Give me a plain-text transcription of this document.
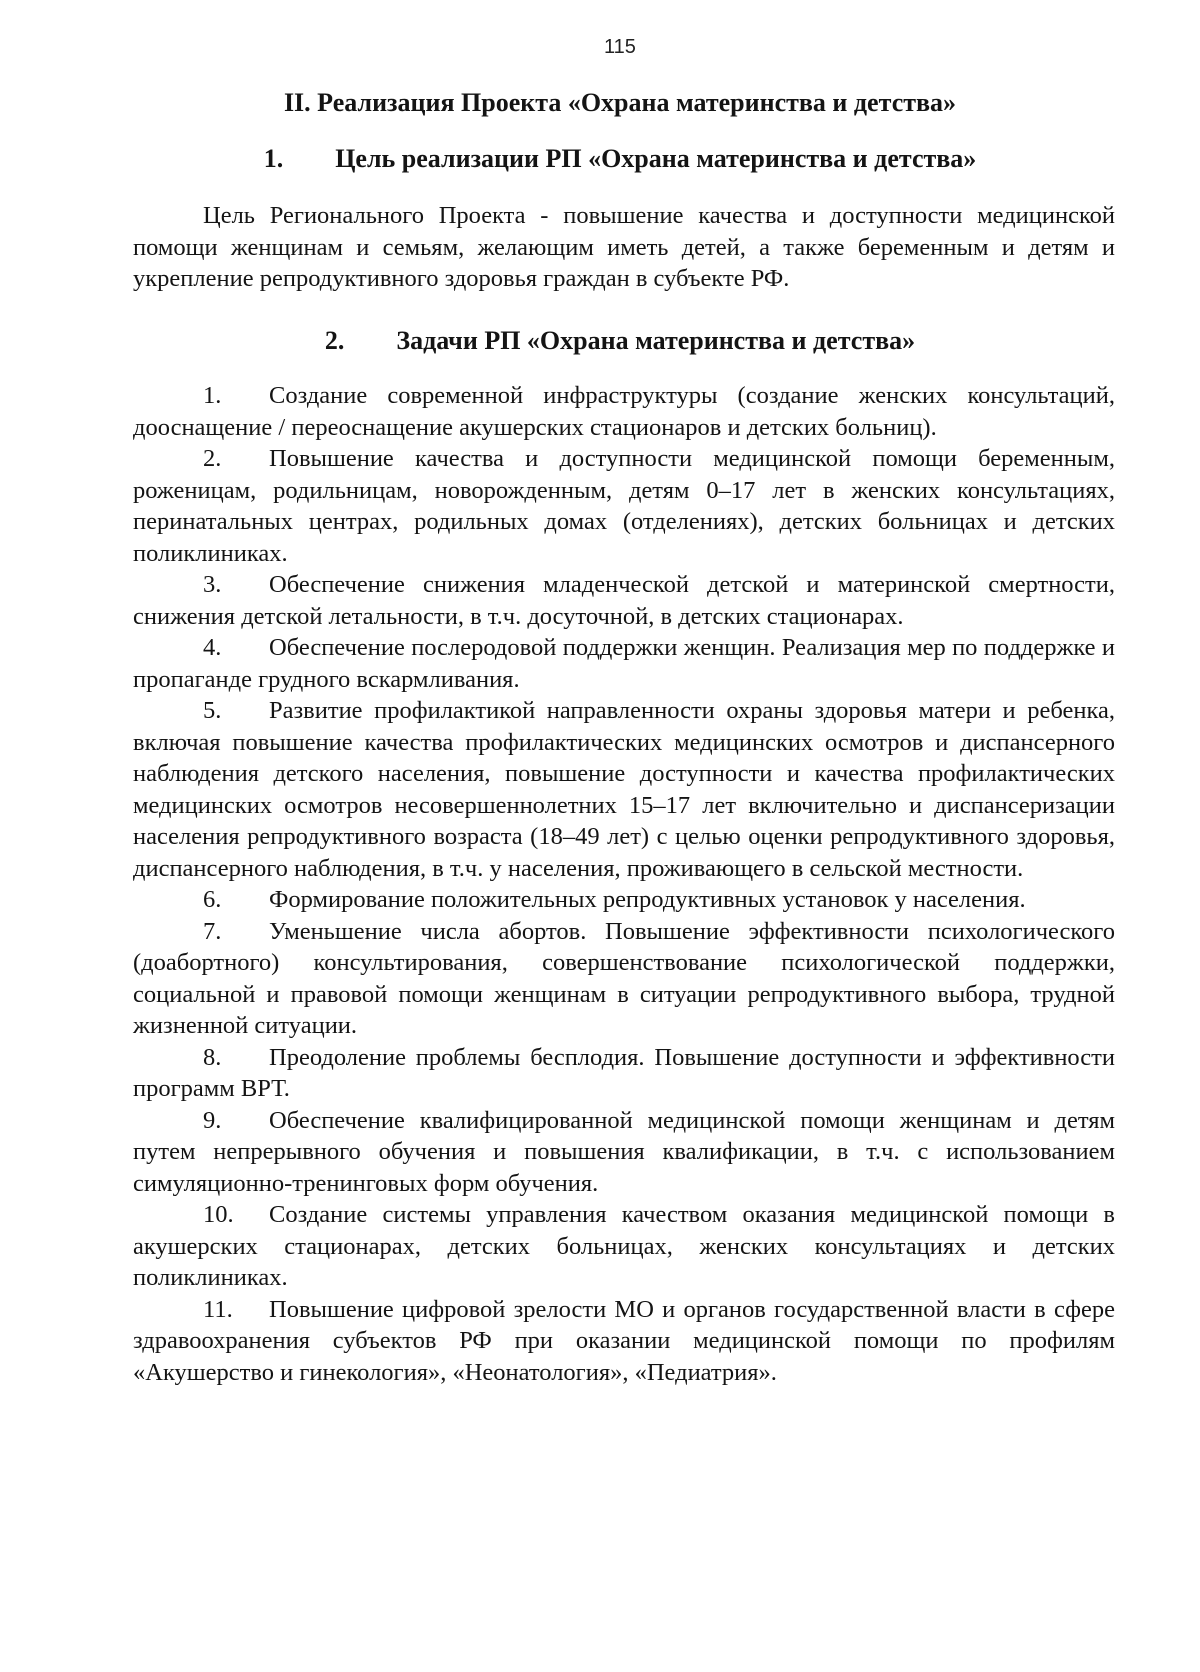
115
II. Реализация Проекта «Охрана материнства и детства»
1. Цель реализации РП «Охрана материнства и детства»

Цель Регионального Проекта - повышение качества и доступности медицинской помощи женщинам и семьям, желающим иметь детей, а также беременным и детям и укрепление репродуктивного здоровья граждан в субъекте РФ.

2. Задачи РП «Охрана материнства и детства»
1. Создание современной инфраструктуры (создание женских консультаций, дооснащение / переоснащение акушерских стационаров и детских больниц).
2. Повышение качества и доступности медицинской помощи беременным, роженицам, родильницам, новорожденным, детям 0–17 лет в женских консультациях, перинатальных центрах, родильных домах (отделениях), детских больницах и детских поликлиниках.
3. Обеспечение снижения младенческой детской и материнской смертности, снижения детской летальности, в т.ч. досуточной, в детских стационарах.
4. Обеспечение послеродовой поддержки женщин. Реализация мер по поддержке и пропаганде грудного вскармливания.
5. Развитие профилактикой направленности охраны здоровья матери и ребенка, включая повышение качества профилактических медицинских осмотров и диспансерного наблюдения детского населения, повышение доступности и качества профилактических медицинских осмотров несовершеннолетних 15–17 лет включительно и диспансеризации населения репродуктивного возраста (18–49 лет) с целью оценки репродуктивного здоровья, диспансерного наблюдения, в т.ч. у населения, проживающего в сельской местности.
6. Формирование положительных репродуктивных установок у населения.
7. Уменьшение числа абортов. Повышение эффективности психологического (доабортного) консультирования, совершенствование психологической поддержки, социальной и правовой помощи женщинам в ситуации репродуктивного выбора, трудной жизненной ситуации.
8. Преодоление проблемы бесплодия. Повышение доступности и эффективности программ ВРТ.
9. Обеспечение квалифицированной медицинской помощи женщинам и детям путем непрерывного обучения и повышения квалификации, в т.ч. с использованием симуляционно-тренинговых форм обучения.
10. Создание системы управления качеством оказания медицинской помощи в акушерских стационарах, детских больницах, женских консультациях и детских поликлиниках.
11. Повышение цифровой зрелости МО и органов государственной власти в сфере здравоохранения субъектов РФ при оказании медицинской помощи по профилям «Акушерство и гинекология», «Неонатология», «Педиатрия».
